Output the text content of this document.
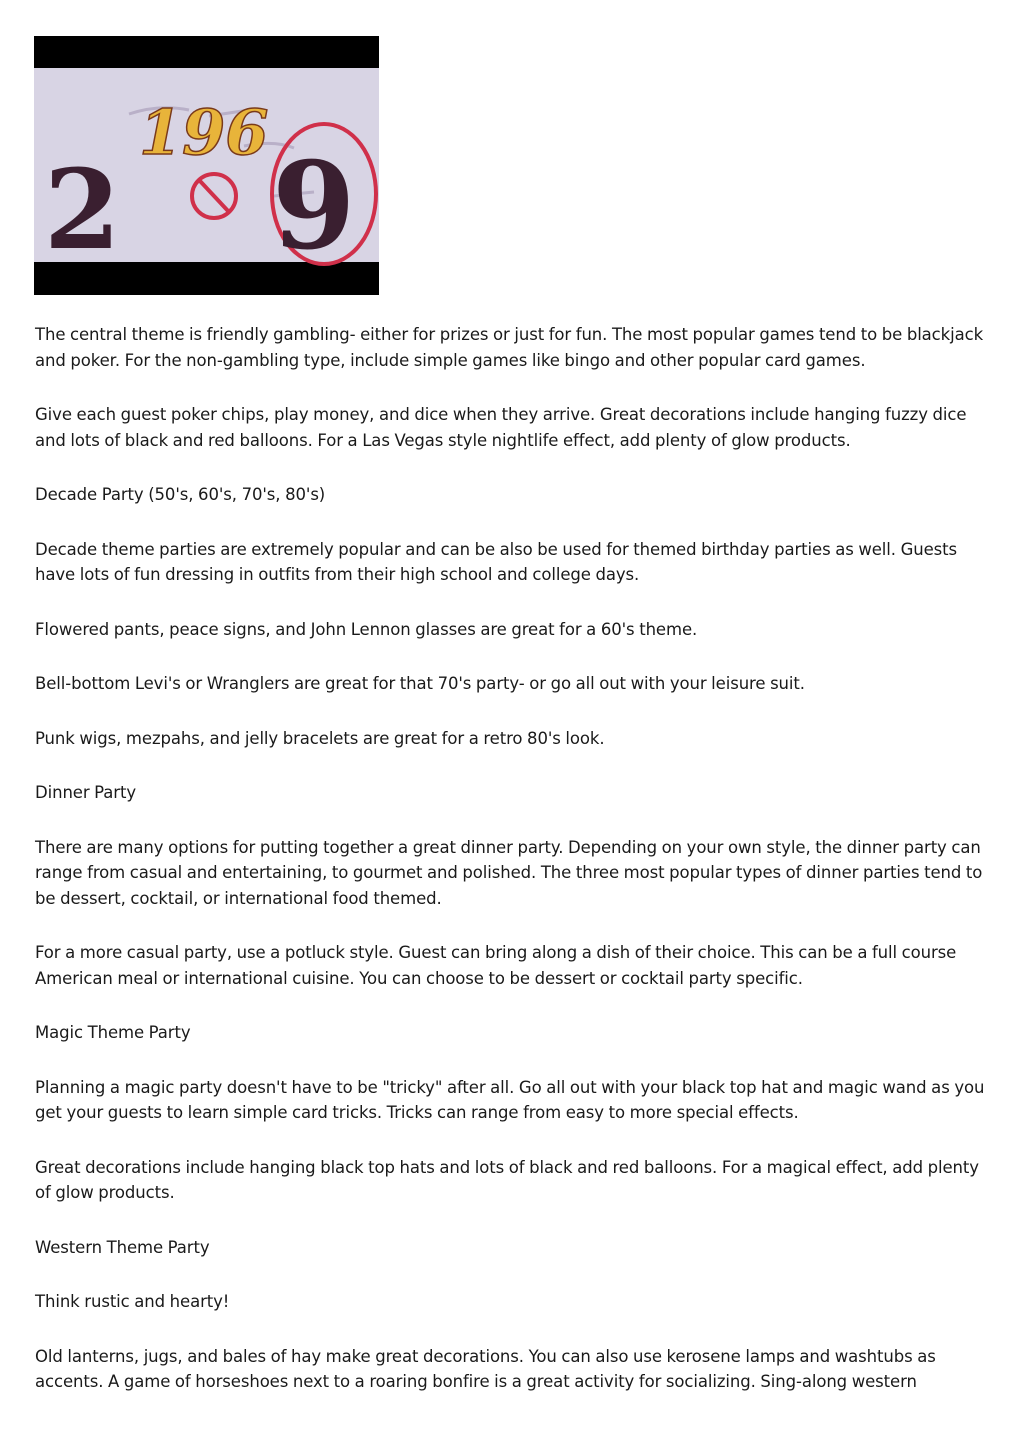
2 9
196

The central theme is friendly gambling- either for prizes or just for fun. The most popular games tend to be blackjack and poker. For the non-gambling type, include simple games like bingo and other popular card games.

Give each guest poker chips, play money, and dice when they arrive. Great decorations include hanging fuzzy dice and lots of black and red balloons. For a Las Vegas style nightlife effect, add plenty of glow products.

Decade Party (50's, 60's, 70's, 80's)

Decade theme parties are extremely popular and can be also be used for themed birthday parties as well. Guests have lots of fun dressing in outfits from their high school and college days.

Flowered pants, peace signs, and John Lennon glasses are great for a 60's theme.

Bell-bottom Levi's or Wranglers are great for that 70's party- or go all out with your leisure suit.

Punk wigs, mezpahs, and jelly bracelets are great for a retro 80's look.

Dinner Party

There are many options for putting together a great dinner party. Depending on your own style, the dinner party can range from casual and entertaining, to gourmet and polished. The three most popular types of dinner parties tend to be dessert, cocktail, or international food themed.

For a more casual party, use a potluck style. Guest can bring along a dish of their choice. This can be a full course American meal or international cuisine. You can choose to be dessert or cocktail party specific.

Magic Theme Party

Planning a magic party doesn't have to be "tricky" after all. Go all out with your black top hat and magic wand as you get your guests to learn simple card tricks. Tricks can range from easy to more special effects.

Great decorations include hanging black top hats and lots of black and red balloons. For a magical effect, add plenty of glow products.

Western Theme Party

Think rustic and hearty!

Old lanterns, jugs, and bales of hay make great decorations. You can also use kerosene lamps and washtubs as accents. A game of horseshoes next to a roaring bonfire is a great activity for socializing. Sing-along western
